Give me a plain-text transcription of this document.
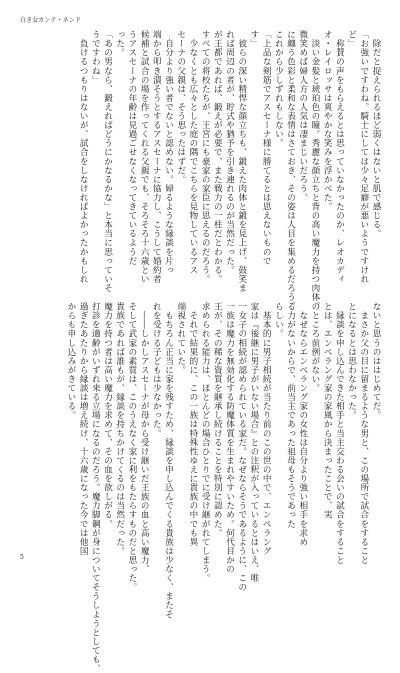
白き女カンテ・ネンド
　除だと捉えられるほど弱くはないと肌で感じる。
「お強いですわね。騎士にしては少々足癖が悪いようですけれ
ど」
　称賛の声をもらえるとは思っていなかったのか、レオカディ
オ・レイロッサは爽やかな笑みを浮かべた。
　淡い金髪と琥珀色の瞳。秀麗な顔立ちと背の高い魔力を持つ肉体。
微笑めば婦人方の人気は凄まじいだろう。
に纏う色彩と柔和な表情はさておき、その姿は人目を集めるだろう。
これから少しずれもしない。
「上品な剣筋でアスセーナ様に勝てるとは思えないもので
す」
　彼らの深い精悍な顔立ちも、鍛えた肉体と鍛を見上げ、鼓笑ま
れば周辺の者が、貯式や猶予を引き連れるのが当然だった。
が王都であれば、鍛えが必要で、また戦力の一柱だとわかる。
すべての将校たちが、王宮にも豪家の家臣に思えるのだろう。
　少なくとも広々とした庭の隅でこちらを見物しているアス
セーナの父親は、そう思ったはずだ。
　自分より強い者でないと認めない。婦るような縁談を片っ
端から叩き潰そうとするアスセーナに協力し、こうして婚約者
候補と試合の場を作ってくれる父親でも、そろそろ十六歳とい
うアスセーナの年齢は見過ごせなくなってきているようだ
った。
「あの男なら、鍛えればどうにかなるかな」と本当に思っていそ
うですわね」
　負けるつもりはないが、試合をしなければよかったかもしれ
ないと思うのははじめてだ。
　まさか父の目に留まるような男と、この場所で試合をすること
とになるとは思わなかった。
　縁談を申し込んできた相手と当主交わる会いの試合をすること
とは、エンペラング家の家風から決まったことで、実
のところ前例がない。
　なぜならエンペラング家の女性は自分より強い相手を求め
る力がないからで、前当主であった祖母もそうであった
らしい。
　基本的に男子相続が当たり前のこの世の中で、エンペラング
家は『後継に男子がいない場合』との注釈が入っているとはいえ、唯
一女子の相続が認められている家だ。なぜならそうであるように、この
一族は魔力を無効化する防魔体質を生まれやすいため。何代目かの
王が、その稀な資質を継承し続けることを特別に認めた。
求められる能力は、ほとんどの場合ひとりでに受け継がれてしまう。
　それで結果的に、この一族は特殊性ゆえに貴族の中でも異
端視されていた。
　もちろん正当に家を残すため、縁談を申し込んでくる貴族は少なく、またそ
れを受ける子どもは少なかった。
　――しかしアスセーナが母から受け継いだ王族の血と高い魔力、
そして武家の素質は、このうえなく家に利をもたらすものだと思った。
貴族であれば誰もが、縁談を持ちかけてくるのは当然だった。
魔力を持つ者は高い魔力を求めて、その血を欲しがる。
打診を適齢がいずれ来る立場になるのだろう。魔力脚鋼が身についてそうしようとしても、
過ぎたあたりから縁談は増え続け、十六歳になった今では他国
からも申し込みがきている。
5
